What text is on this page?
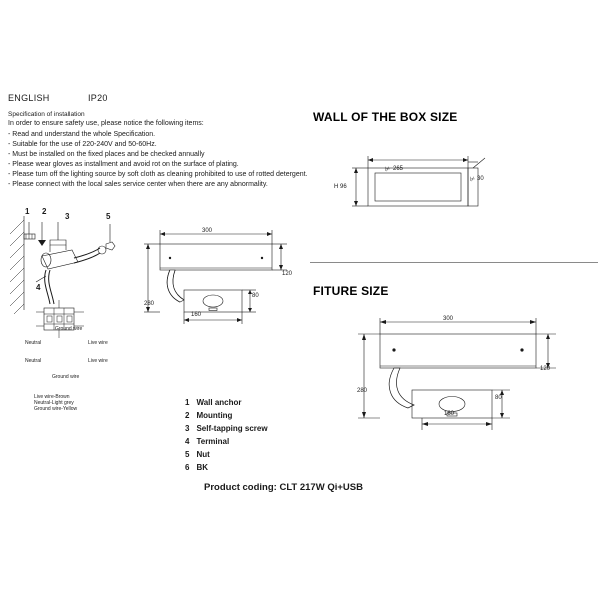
ENGLISH	IP20
Specification of installation
In order to ensure safety use, please notice the following items:
- Read and understand the whole Specification.
- Suitable for the use of 220-240V and 50-60Hz.
- Must be installed on the fixed places and be checked annually
- Please wear gloves as installment and avoid rot on the surface of plating.
- Please turn off the lighting source by soft cloth as cleaning prohibited to use of rotted detergent.
- Please connect with the local sales service center when there are any abnormality.
WALL OF THE BOX SIZE
265
H 96
30
⊬
⊬
FITURE SIZE
1 2
3
4
5
Ground wire
Neutral
Neutral
Live wire
Live wire
Ground wire
Live wire-Brown
Neutral-Light grey
Ground wire-Yellow
300
120
280
80
160
300
120
280
80
160
1 Wall anchor
2 Mounting
3 Self-tapping screw
4 Terminal
5 Nut
6 BK
Product coding: CLT 217W Qi+USB
